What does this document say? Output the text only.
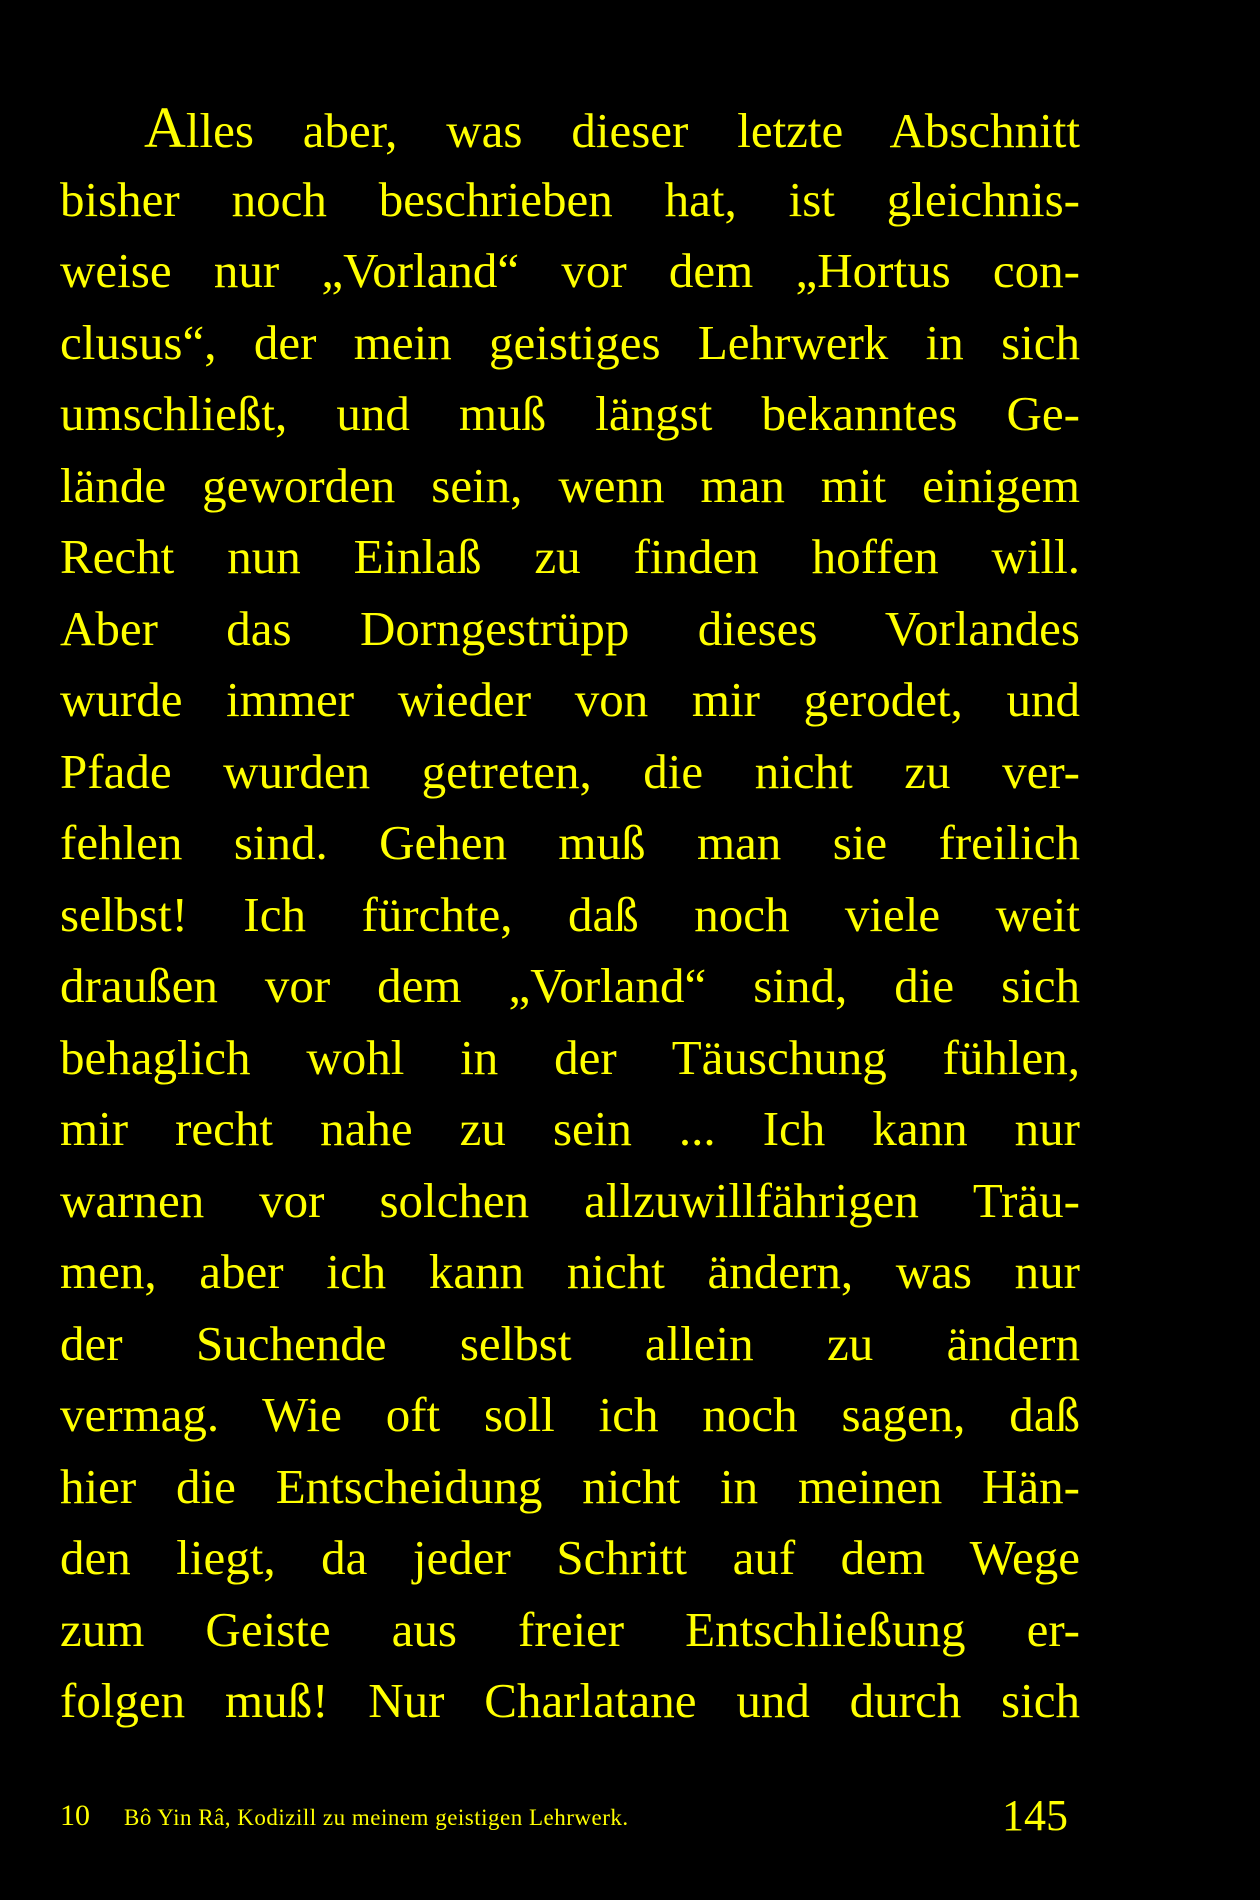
Alles aber, was dieser letzte Abschnitt
bisher noch beschrieben hat, ist gleichnis-
weise nur „Vorland“ vor dem „Hortus con-
clusus“, der mein geistiges Lehrwerk in sich
umschließt, und muß längst bekanntes Ge-
lände geworden sein, wenn man mit einigem
Recht nun Einlaß zu finden hoffen will.
Aber das Dorngestrüpp dieses Vorlandes
wurde immer wieder von mir gerodet, und
Pfade wurden getreten, die nicht zu ver-
fehlen sind. Gehen muß man sie freilich
selbst! Ich fürchte, daß noch viele weit
draußen vor dem „Vorland“ sind, die sich
behaglich wohl in der Täuschung fühlen,
mir recht nahe zu sein ... Ich kann nur
warnen vor solchen allzuwillfährigen Träu-
men, aber ich kann nicht ändern, was nur
der Suchende selbst allein zu ändern
vermag. Wie oft soll ich noch sagen, daß
hier die Entscheidung nicht in meinen Hän-
den liegt, da jeder Schritt auf dem Wege
zum Geiste aus freier Entschließung er-
folgen muß! Nur Charlatane und durch sich
10 Bô Yin Râ, Kodizill zu meinem geistigen Lehrwerk.	145
